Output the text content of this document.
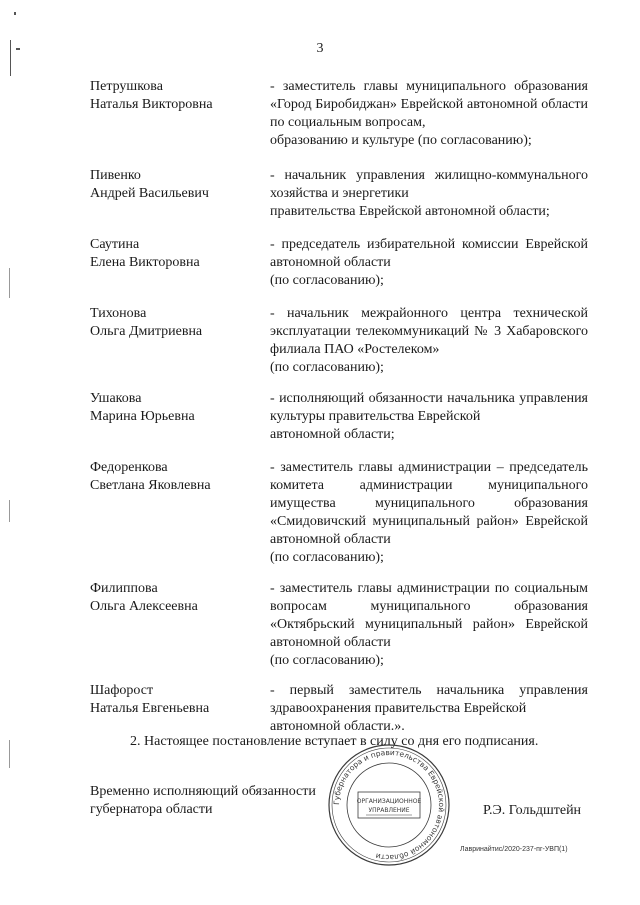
3
Петрушкова
Наталья Викторовна
- заместитель главы муниципального образования «Город Биробиджан» Еврейской автономной области по социальным вопросам,
образованию и культуре (по согласованию);
Пивенко
Андрей Васильевич
- начальник управления жилищно-коммунального хозяйства и энергетики
правительства Еврейской автономной области;
Саутина
Елена Викторовна
- председатель избирательной комиссии Еврейской автономной области
(по согласованию);
Тихонова
Ольга Дмитриевна
- начальник межрайонного центра технической эксплуатации телекоммуникаций № 3 Хабаровского филиала ПАО «Ростелеком»
(по согласованию);
Ушакова
Марина Юрьевна
- исполняющий обязанности начальника управления культуры правительства Еврейской
автономной области;
Федоренкова
Светлана Яковлевна
- заместитель главы администрации – председатель комитета администрации муниципального имущества муниципального образования «Смидовичский муниципальный район» Еврейской автономной области
(по согласованию);
Филиппова
Ольга Алексеевна
- заместитель главы администрации по социальным вопросам муниципального образования «Октябрьский муниципальный район» Еврейской автономной области
(по согласованию);
Шафорост
Наталья Евгеньевна
- первый заместитель начальника управления здравоохранения правительства Еврейской
автономной области.».
2. Настоящее постановление вступает в силу со дня его подписания.
Временно исполняющий обязанности
губернатора области	Губернатора и правительства Еврейской автономной области
ОРГАНИЗАЦИОННОЕ
УПРАВЛЕНИЕ	Р.Э. Гольдштейн
Лавринайтис/2020-237-пг-УВП(1)
